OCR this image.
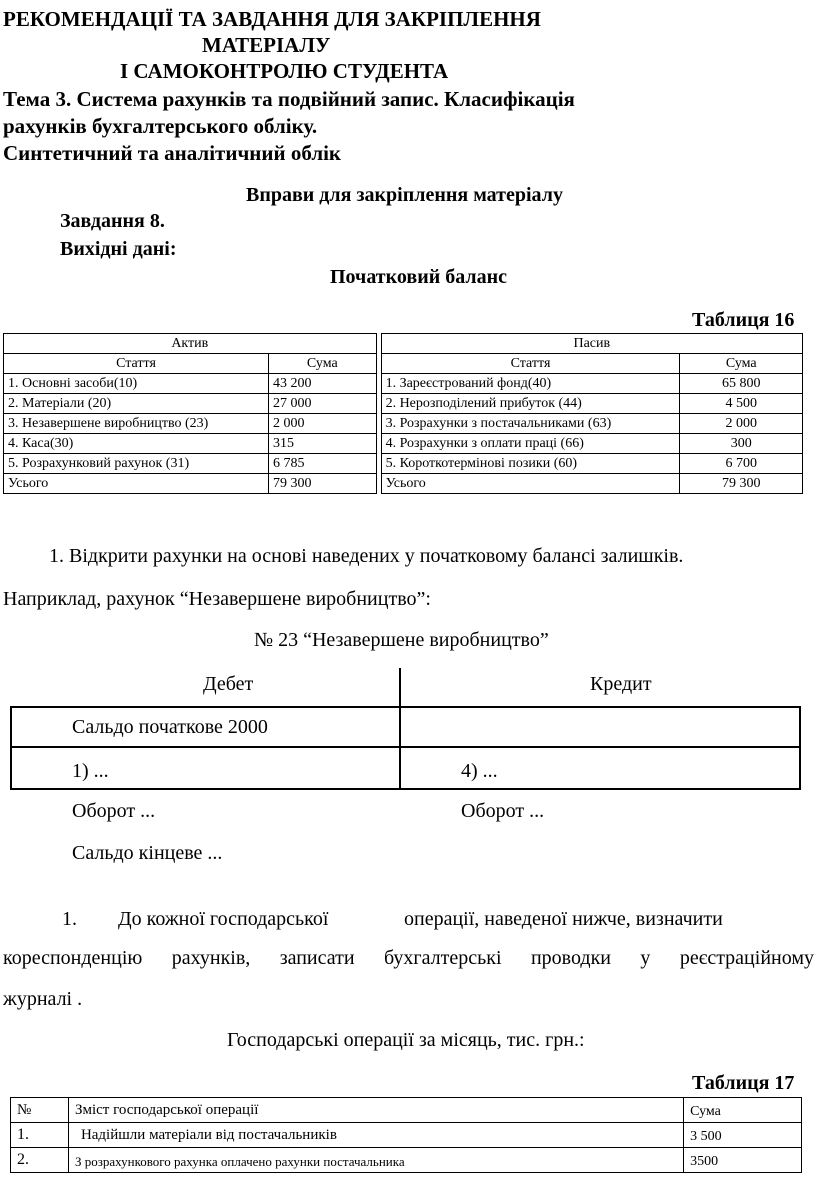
РЕКОМЕНДАЦІЇ ТА ЗАВДАННЯ ДЛЯ ЗАКРІПЛЕННЯ
МАТЕРІАЛУ
І САМОКОНТРОЛЮ СТУДЕНТА
Тема 3. Система рахунків та подвійний запис. Класифікація
рахунків бухгалтерського обліку.
Синтетичний та аналітичний облік
Вправи для закріплення матеріалу
Завдання 8.
Вихідні дані:
Початковий баланс
Таблиця 16
Актив			Пасив	
Стаття	Сума		Стаття	Сума
1. Основні засоби(10)	43 200		1. Зареєстрований фонд(40)	65 800
2. Матеріали (20)	27 000		2. Нерозподілений прибуток (44)	4 500
3. Незавершене виробництво (23)	2 000		3. Розрахунки з постачальниками (63)	2 000
4. Каса(30)	315		4. Розрахунки з оплати праці (66)	300
5. Розрахунковий рахунок (31)	6 785		5. Короткотермінові позики (60)	6 700
Усього	79 300		Усього	79 300
1. Відкрити рахунки на основі наведених у початковому балансі залишків.
Наприклад, рахунок “Незавершене виробництво”:
№ 23 “Незавершене виробництво”
Дебет	Кредит
Сальдо початкове 2000
1) ...	4) ...
Оборот ...	Оборот ...
Сальдо кінцеве ...
1. До кожної господарської	операції, наведеної нижче, визначити
кореспонденцію рахунків, записати бухгалтерські проводки у реєстраційному
журналі .
Господарські операції за місяць, тис. грн.:
Таблиця 17
№	Зміст господарської операції	Сума
1.	Надійшли матеріали від постачальників	3 500
2.	З розрахункового рахунка оплачено рахунки постачальника	3500
